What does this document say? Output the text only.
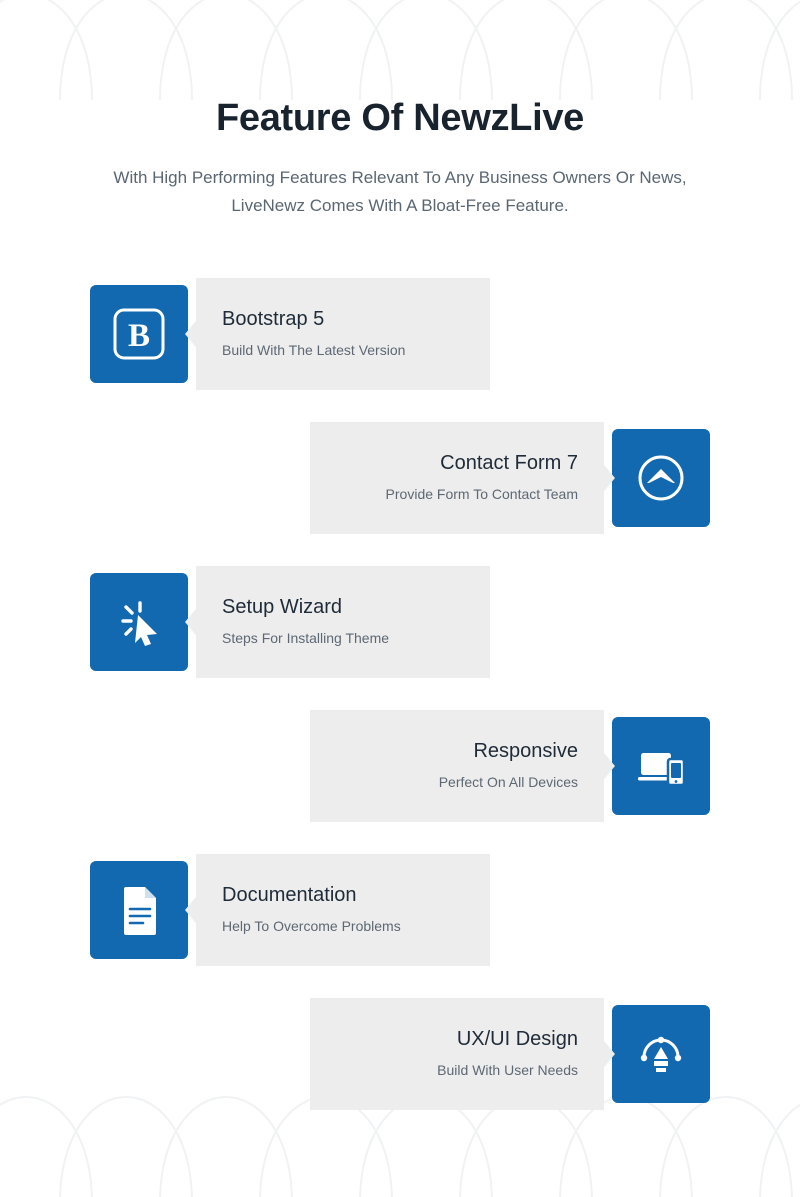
Feature Of NewzLive

With High Performing Features Relevant To Any Business Owners Or News, LiveNewz Comes With A Bloat-Free Feature.

B	Bootstrap 5
Build With The Latest Version
Contact Form 7
Provide Form To Contact Team
Setup Wizard
Steps For Installing Theme
Responsive
Perfect On All Devices
Documentation
Help To Overcome Problems
UX/UI Design
Build With User Needs
